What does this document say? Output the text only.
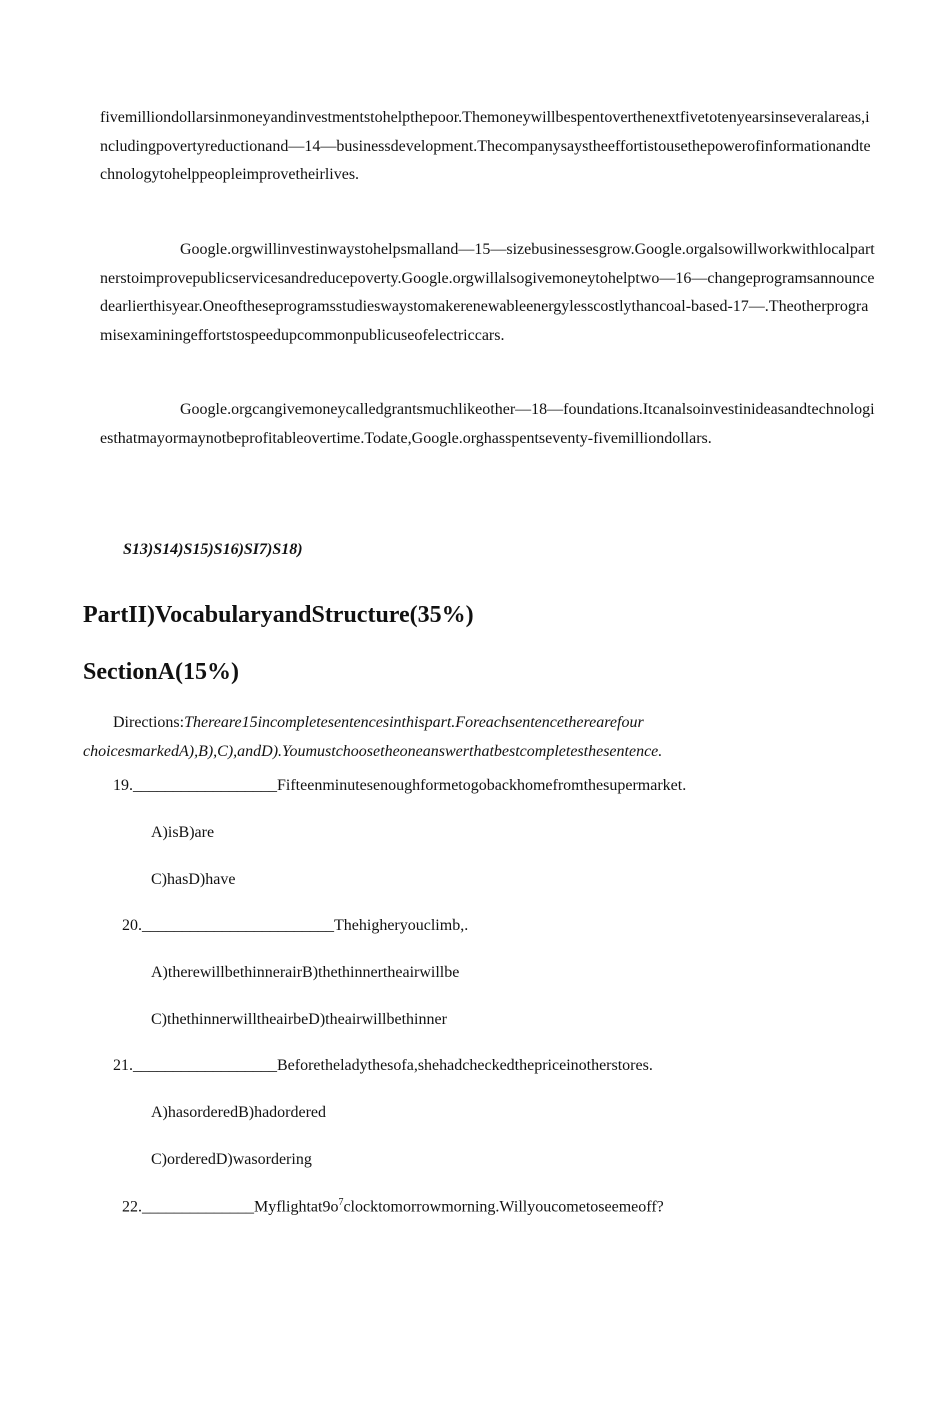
fivemilliondollarsinmoneyandinvestmentstohelpthepoor.Themoneywillbespentoverthenextfivetotenyearsinseveralareas,includingpovertyreductionand—14—businessdevelopment.Thecompanysaystheeffortistousethepowerofinformationandtechnologytohelppeopleimprovetheirlives.

Google.orgwillinvestinwaystohelpsmalland—15—sizebusinessesgrow.Google.orgalsowillworkwithlocalpartnerstoimprovepublicservicesandreducepoverty.Google.orgwillalsogivemoneytohelptwo—16—changeprogramsannouncedearlierthisyear.Oneoftheseprogramsstudieswaystomakerenewableenergylesscostlythancoal-based-17—.Theotherprogramisexaminingeffortstospeedupcommonpublicuseofelectriccars.

Google.orgcangivemoneycalledgrantsmuchlikeother—18—foundations.Itcanalsoinvestinideasandtechnologiesthatmayormaynotbeprofitableovertime.Todate,Google.orghasspentseventy-fivemilliondollars.

S13)S14)S15)S16)SI7)S18)

PartII)VocabularyandStructure(35%)
SectionA(15%)

Directions:Thereare15incompletesentencesinthispart.Foreachsentencetherearefour choicesmarkedA),B),C),andD).Youmustchoosetheoneanswerthatbestcompletesthesentence.

19.__________________Fifteenminutesenoughformetogobackhomefromthesupermarket.

A)isB)are

C)hasD)have

20.________________________Thehigheryouclimb,.

A)therewillbethinnerairB)thethinnertheairwillbe

C)thethinnerwilltheairbeD)theairwillbethinner

21.__________________Beforetheladythesofa,shehadcheckedthepriceinotherstores.

A)hasorderedB)hadordered

C)orderedD)wasordering

$22.\_\_\_\_\_\_\_\_\_\_\_\_\_\_Myflightat9o^7clocktomorrowmorning.Willyoucometoseemeoff$?
